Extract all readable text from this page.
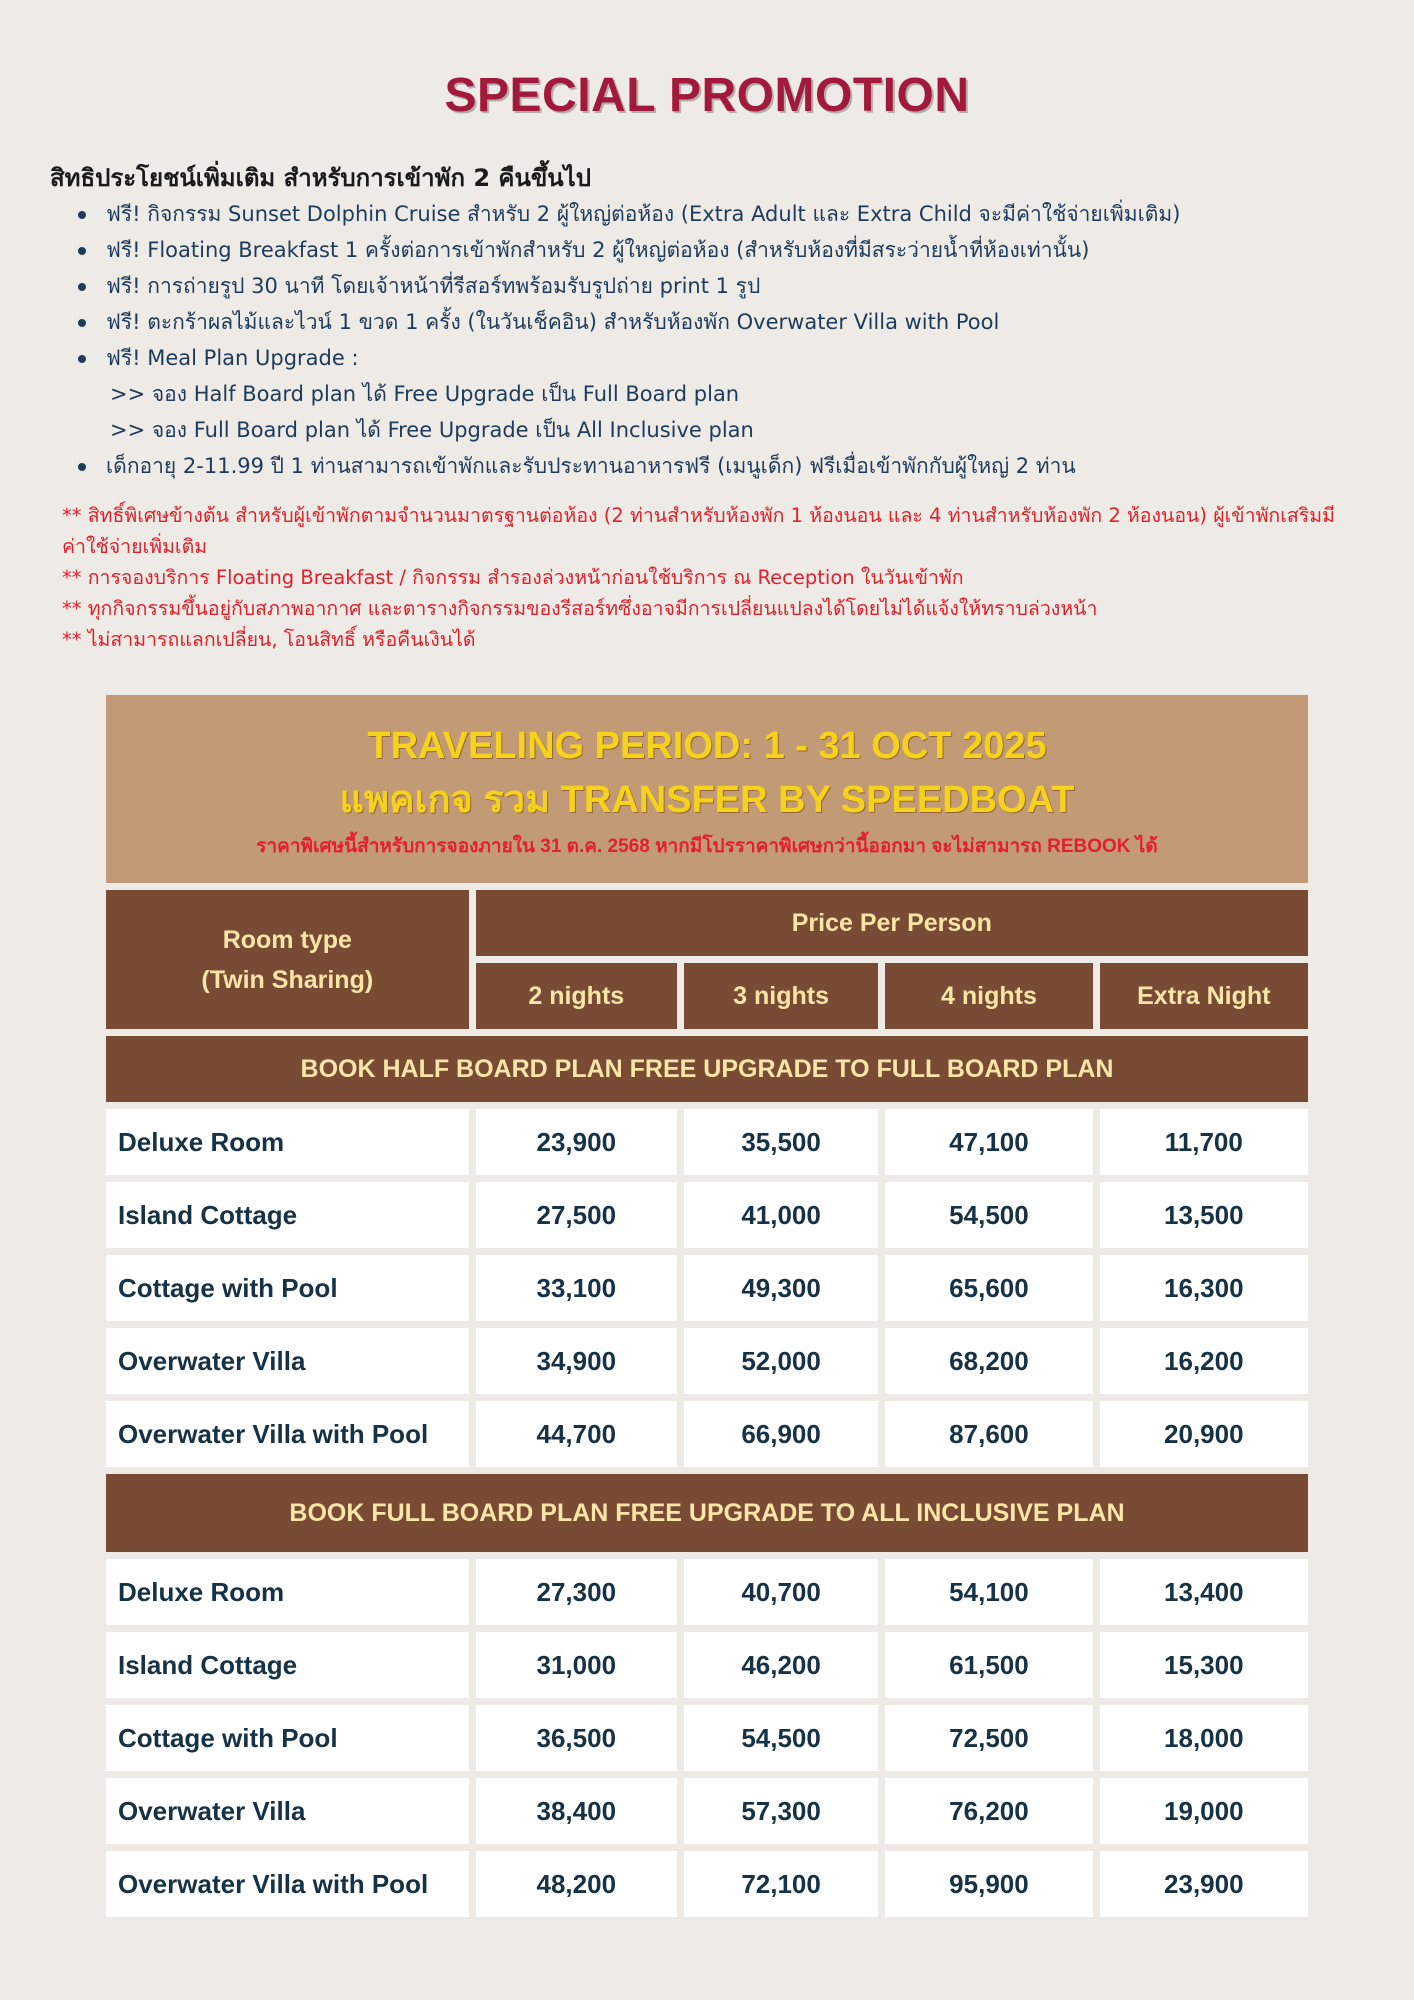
SPECIAL PROMOTION
สิทธิประโยชน์เพิ่มเติม สำหรับการเข้าพัก 2 คืนขึ้นไป
ฟรี! กิจกรรม Sunset Dolphin Cruise สำหรับ 2 ผู้ใหญ่ต่อห้อง (Extra Adult และ Extra Child จะมีค่าใช้จ่ายเพิ่มเติม)
ฟรี! Floating Breakfast 1 ครั้งต่อการเข้าพักสำหรับ 2 ผู้ใหญ่ต่อห้อง (สำหรับห้องที่มีสระว่ายน้ำที่ห้องเท่านั้น)
ฟรี! การถ่ายรูป 30 นาที โดยเจ้าหน้าที่รีสอร์ทพร้อมรับรูปถ่าย print 1 รูป
ฟรี! ตะกร้าผลไม้และไวน์ 1 ขวด 1 ครั้ง (ในวันเช็คอิน) สำหรับห้องพัก Overwater Villa with Pool
ฟรี! Meal Plan Upgrade :
>> จอง Half Board plan ได้ Free Upgrade เป็น Full Board plan
>> จอง Full Board plan ได้ Free Upgrade เป็น All Inclusive plan
เด็กอายุ 2-11.99 ปี 1 ท่านสามารถเข้าพักและรับประทานอาหารฟรี (เมนูเด็ก) ฟรีเมื่อเข้าพักกับผู้ใหญ่ 2 ท่าน

** สิทธิ์พิเศษข้างต้น สำหรับผู้เข้าพักตามจำนวนมาตรฐานต่อห้อง (2 ท่านสำหรับห้องพัก 1 ห้องนอน และ 4 ท่านสำหรับห้องพัก 2 ห้องนอน) ผู้เข้าพักเสริมมีค่าใช้จ่ายเพิ่มเติม

** การจองบริการ Floating Breakfast / กิจกรรม สำรองล่วงหน้าก่อนใช้บริการ ณ Reception ในวันเข้าพัก

** ทุกกิจกรรมขึ้นอยู่กับสภาพอากาศ และตารางกิจกรรมของรีสอร์ทซึ่งอาจมีการเปลี่ยนแปลงได้โดยไม่ได้แจ้งให้ทราบล่วงหน้า

** ไม่สามารถแลกเปลี่ยน, โอนสิทธิ์ หรือคืนเงินได้

TRAVELING PERIOD: 1 - 31 OCT 2025
แพคเกจ รวม TRANSFER BY SPEEDBOAT
ราคาพิเศษนี้สำหรับการจองภายใน 31 ต.ค. 2568 หากมีโปรราคาพิเศษกว่านี้ออกมา จะไม่สามารถ REBOOK ได้
Room type
(Twin Sharing)	Price Per Person			
	2 nights	3 nights	4 nights	Extra Night
BOOK HALF BOARD PLAN FREE UPGRADE TO FULL BOARD PLAN				
Deluxe Room	23,900	35,500	47,100	11,700
Island Cottage	27,500	41,000	54,500	13,500
Cottage with Pool	33,100	49,300	65,600	16,300
Overwater Villa	34,900	52,000	68,200	16,200
Overwater Villa with Pool	44,700	66,900	87,600	20,900
BOOK FULL BOARD PLAN FREE UPGRADE TO ALL INCLUSIVE PLAN				
Deluxe Room	27,300	40,700	54,100	13,400
Island Cottage	31,000	46,200	61,500	15,300
Cottage with Pool	36,500	54,500	72,500	18,000
Overwater Villa	38,400	57,300	76,200	19,000
Overwater Villa with Pool	48,200	72,100	95,900	23,900
